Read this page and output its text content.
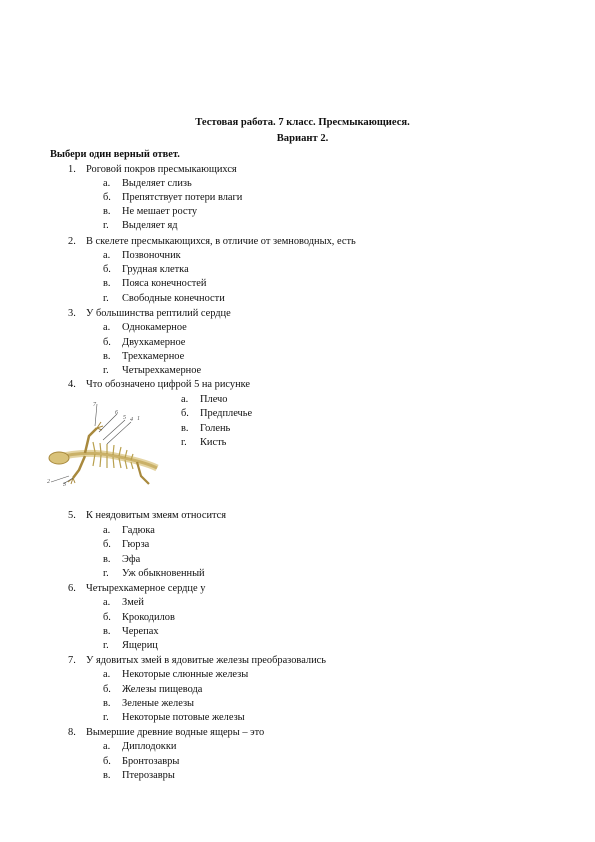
Тестовая работа. 7 класс. Пресмыкающиеся.
Вариант 2.
Выбери один верный ответ.
1. Роговой покров пресмыкающихся
а. Выделяет слизь
б. Препятствует потери влаги
в. Не мешает росту
г. Выделяет яд
2. В скелете пресмыкающихся, в отличие от земноводных, есть
а. Позвоночник
б. Грудная клетка
в. Пояса конечностей
г. Свободные конечности
3. У большинства рептилий сердце
а. Однокамерное
б. Двухкамерное
в. Трехкамерное
г. Четырехкамерное
4. Что обозначено цифрой 5 на рисунке
а. Плечо
б. Предплечье
в. Голень
г. Кисть
7
6
5 4 1
2 3
5. К неядовитым змеям относится
а. Гадюка
б. Гюрза
в. Эфа
г. Уж обыкновенный
6. Четырехкамерное сердце у
а. Змей
б. Крокодилов
в. Черепах
г. Ящериц
7. У ядовитых змей в ядовитые железы преобразовались
а. Некоторые слюнные железы
б. Железы пищевода
в. Зеленые железы
г. Некоторые потовые железы
8. Вымершие древние водные ящеры – это
а. Диплодокки
б. Бронтозавры
в. Птерозавры
